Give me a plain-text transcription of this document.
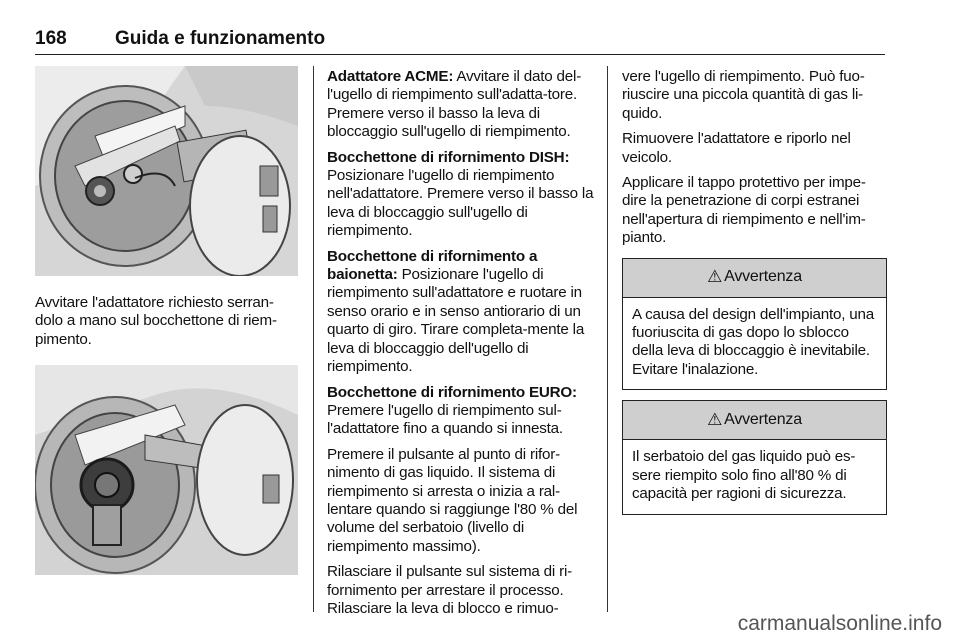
168	Guida e funzionamento
Avvitare l'adattatore richiesto serran-dolo a mano sul bocchettone di riem-pimento.

Adattatore ACME: Avvitare il dato del-l'ugello di riempimento sull'adatta-tore. Premere verso il basso la leva di bloccaggio sull'ugello di riempimento.

Bocchettone di rifornimento DISH: Posizionare l'ugello di riempimento nell'adattatore. Premere verso il basso la leva di bloccaggio sull'ugello di riempimento.

Bocchettone di rifornimento a baionetta: Posizionare l'ugello di riempimento sull'adattatore e ruotare in senso orario e in senso antiorario di un quarto di giro. Tirare completa-mente la leva di bloccaggio dell'ugello di riempimento.

Bocchettone di rifornimento EURO: Premere l'ugello di riempimento sul-l'adattatore fino a quando si innesta.

Premere il pulsante al punto di rifor-nimento di gas liquido. Il sistema di riempimento si arresta o inizia a ral-lentare quando si raggiunge l'80 % del volume del serbatoio (livello di riempimento massimo).

Rilasciare il pulsante sul sistema di ri-fornimento per arrestare il processo. Rilasciare la leva di blocco e rimuo-

vere l'ugello di riempimento. Può fuo-riuscire una piccola quantità di gas li-quido.

Rimuovere l'adattatore e riporlo nel veicolo.

Applicare il tappo protettivo per impe-dire la penetrazione di corpi estranei nell'apertura di riempimento e nell'im-pianto.

⚠ Avvertenza
A causa del design dell'impianto, una fuoriuscita di gas dopo lo sblocco della leva di bloccaggio è inevitabile. Evitare l'inalazione.
⚠ Avvertenza
Il serbatoio del gas liquido può es-sere riempito solo fino all'80 % di capacità per ragioni di sicurezza.
carmanualsonline.info
